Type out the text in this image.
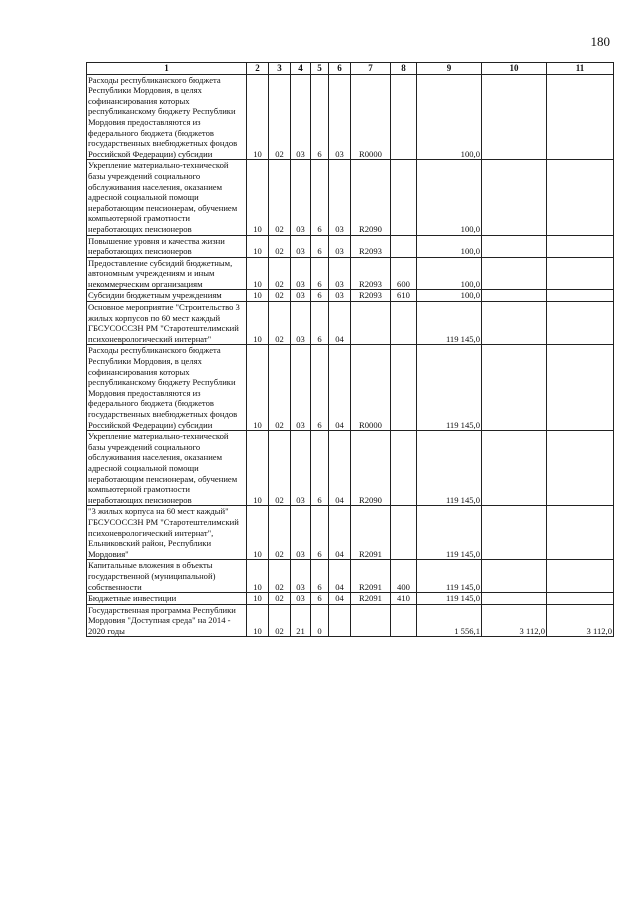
180
1	2	3	4	5	6	7	8	9	10	11
Расходы республиканского бюджета Республики Мордовия, в целях софинансирования которых республиканскому бюджету Республики Мордовия предоставляются из федерального бюджета (бюджетов государственных внебюджетных фондов Российской Федерации) субсидии	10	02	03	6	03	R0000		100,0		
Укрепление материально-технической базы учреждений социального обслуживания населения, оказанием адресной социальной помощи неработающим пенсионерам, обучением компьютерной грамотности неработающих пенсионеров	10	02	03	6	03	R2090		100,0		
Повышение уровня и качества жизни неработающих пенсионеров	10	02	03	6	03	R2093		100,0		
Предоставление субсидий бюджетным, автономным учреждениям и иным некоммерческим организациям	10	02	03	6	03	R2093	600	100,0		
Субсидии бюджетным учреждениям	10	02	03	6	03	R2093	610	100,0		
Основное мероприятие "Строительство 3 жилых корпусов по 60 мест каждый ГБСУСОССЗН РМ "Старотештелимский психоневрологический интернат"	10	02	03	6	04			119 145,0		
Расходы республиканского бюджета Республики Мордовия, в целях софинансирования которых республиканскому бюджету Республики Мордовия предоставляются из федерального бюджета (бюджетов государственных внебюджетных фондов Российской Федерации) субсидии	10	02	03	6	04	R0000		119 145,0		
Укрепление материально-технической базы учреждений социального обслуживания населения, оказанием адресной социальной помощи неработающим пенсионерам, обучением компьютерной грамотности неработающих пенсионеров	10	02	03	6	04	R2090		119 145,0		
"3 жилых корпуса на 60 мест каждый" ГБСУСОССЗН РМ "Старотештелимский психоневрологический интернат", Ельниковский район, Республики Мордовия"	10	02	03	6	04	R2091		119 145,0		
Капитальные вложения в объекты государственной (муниципальной) собственности	10	02	03	6	04	R2091	400	119 145,0		
Бюджетные инвестиции	10	02	03	6	04	R2091	410	119 145,0		
Государственная программа Республики Мордовия "Доступная среда" на 2014 - 2020 годы	10	02	21	0				1 556,1	3 112,0	3 112,0
